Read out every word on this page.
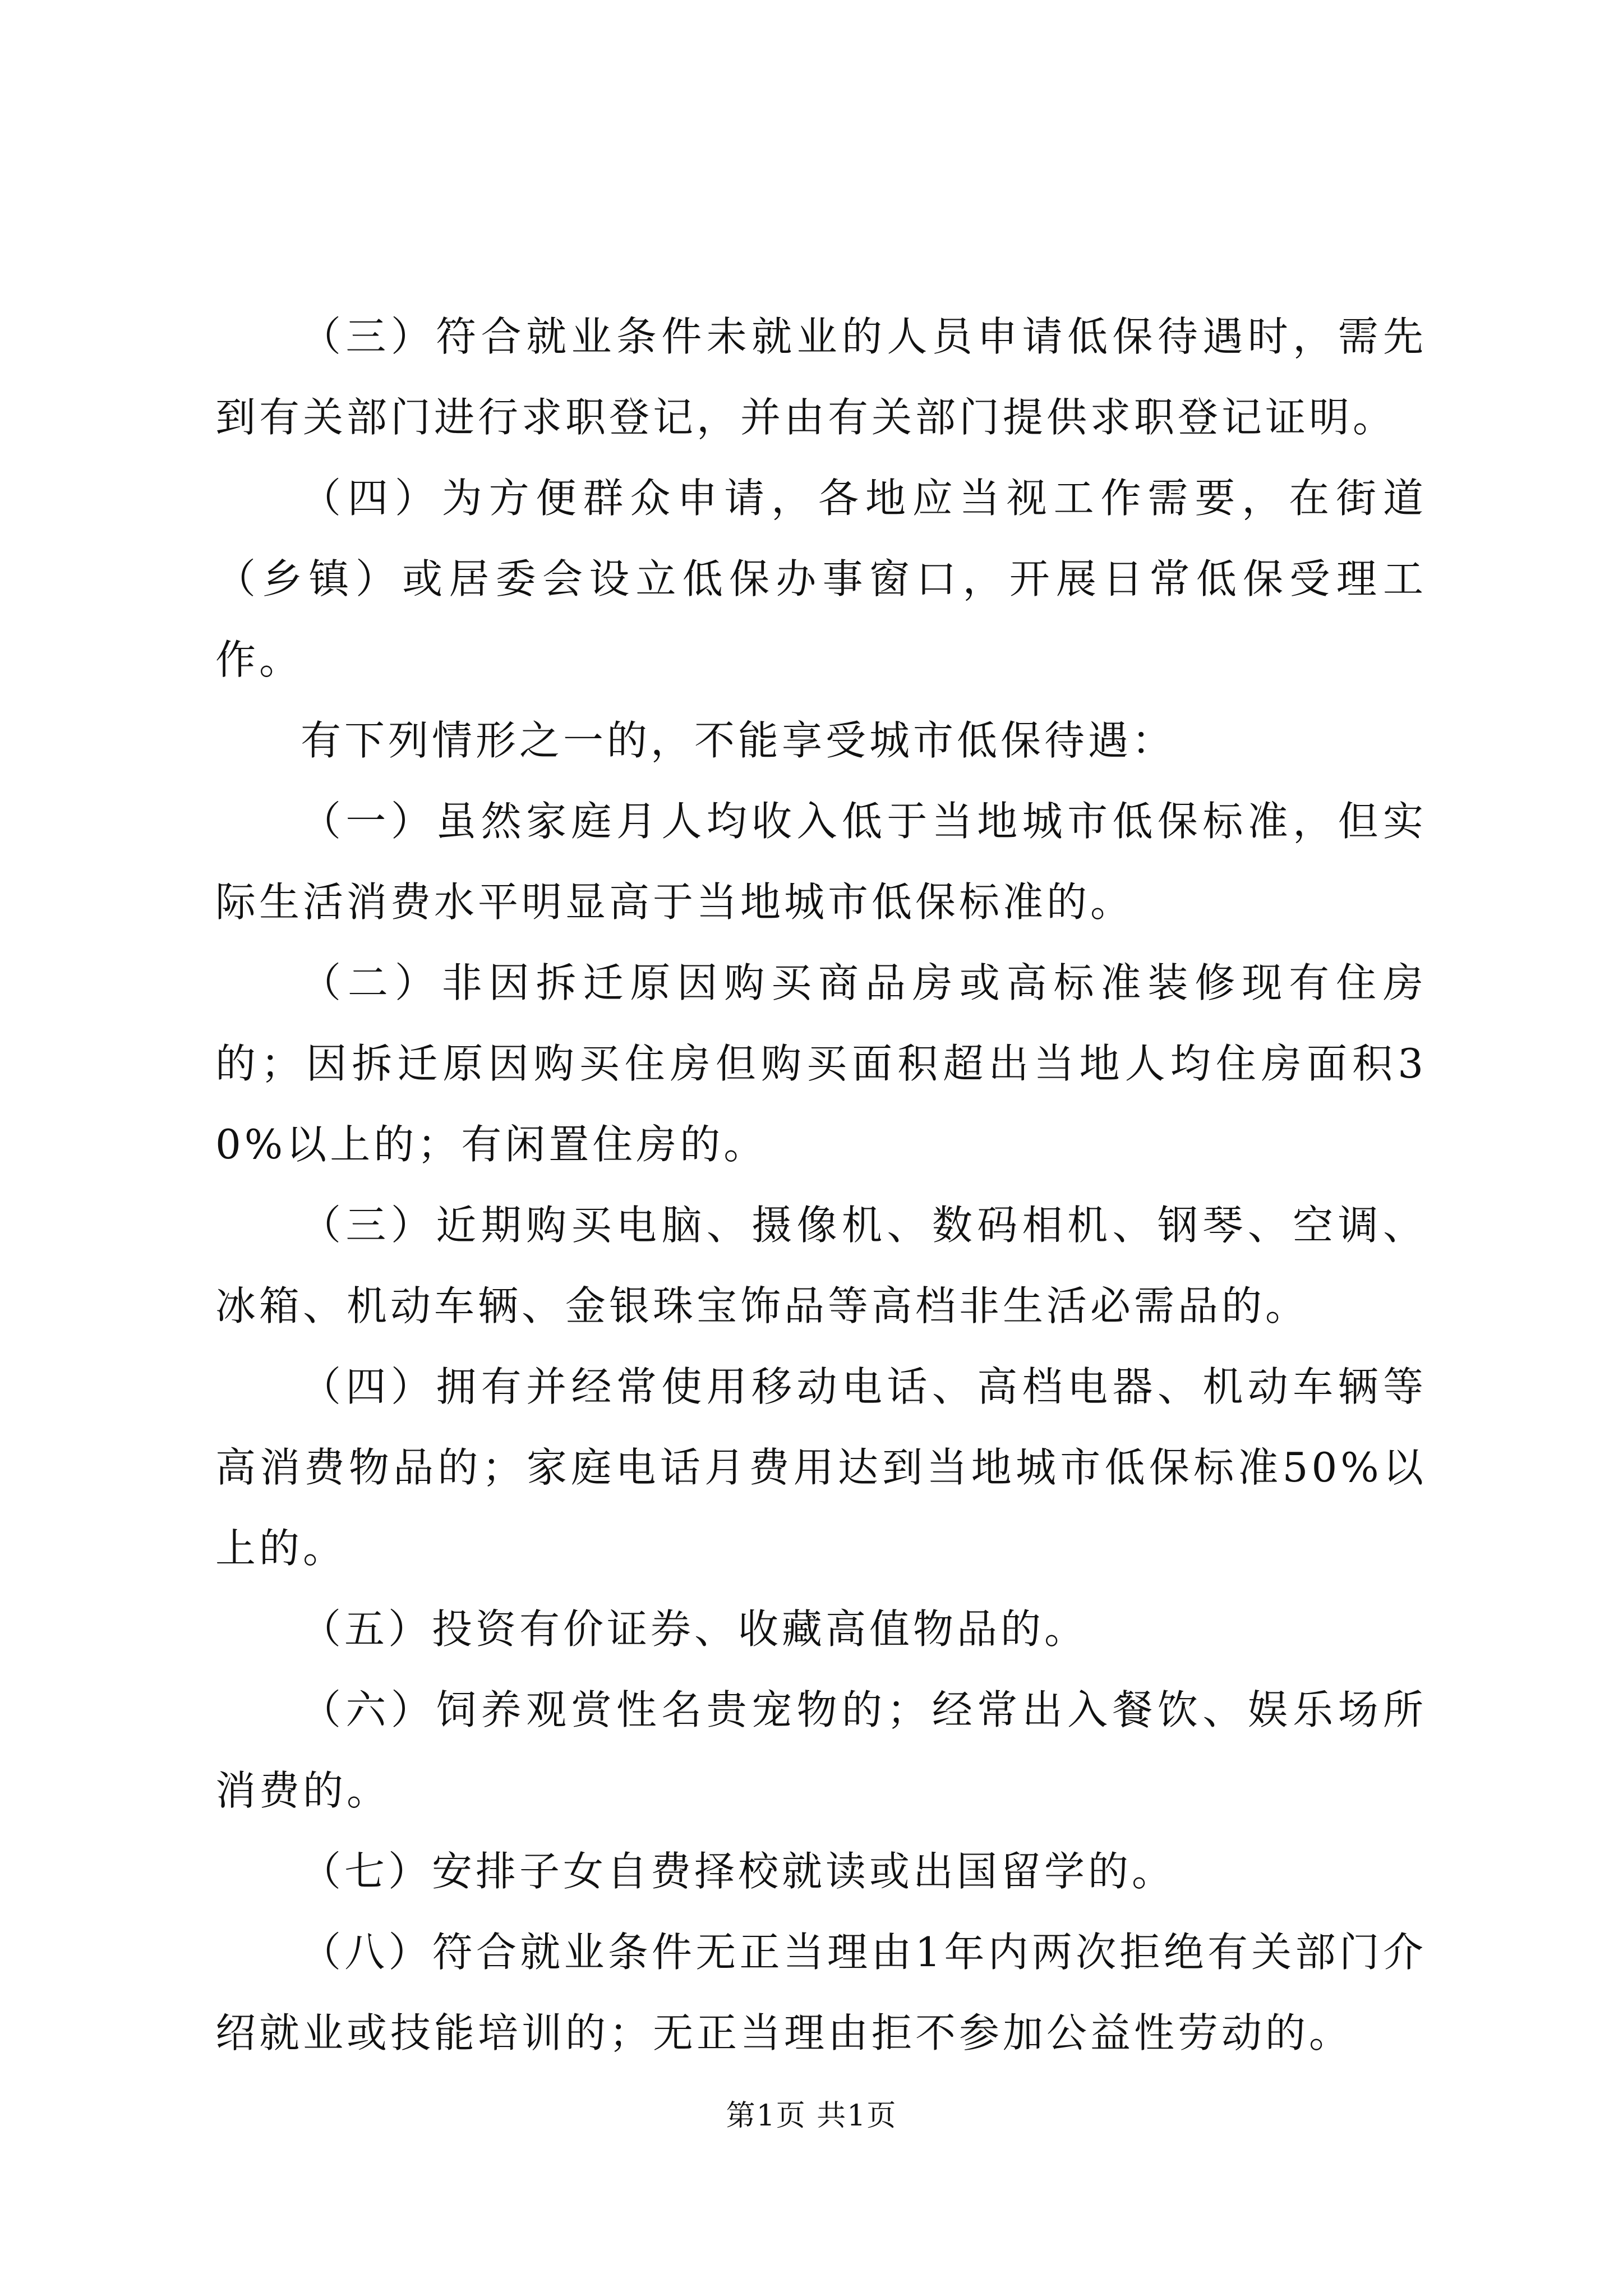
（三）符合就业条件未就业的人员申请低保待遇时，需先到有关部门进行求职登记，并由有关部门提供求职登记证明。

（四）为方便群众申请，各地应当视工作需要，在街道（乡镇）或居委会设立低保办事窗口，开展日常低保受理工作。

有下列情形之一的，不能享受城市低保待遇：

（一）虽然家庭月人均收入低于当地城市低保标准，但实际生活消费水平明显高于当地城市低保标准的。

（二）非因拆迁原因购买商品房或高标准装修现有住房的；因拆迁原因购买住房但购买面积超出当地人均住房面积30%以上的；有闲置住房的。

（三）近期购买电脑、摄像机、数码相机、钢琴、空调、冰箱、机动车辆、金银珠宝饰品等高档非生活必需品的。

（四）拥有并经常使用移动电话、高档电器、机动车辆等高消费物品的；家庭电话月费用达到当地城市低保标准50%以上的。

（五）投资有价证券、收藏高值物品的。

（六）饲养观赏性名贵宠物的；经常出入餐饮、娱乐场所消费的。

（七）安排子女自费择校就读或出国留学的。

（八）符合就业条件无正当理由1年内两次拒绝有关部门介绍就业或技能培训的；无正当理由拒不参加公益性劳动的。

第1页 共1页
